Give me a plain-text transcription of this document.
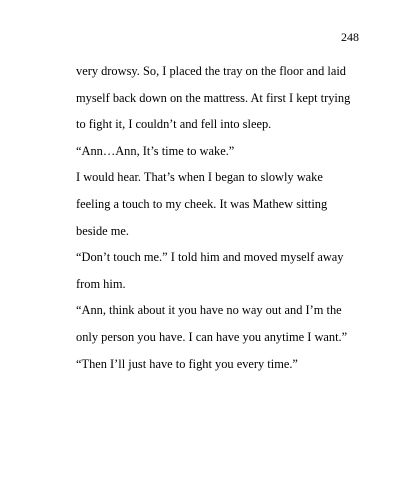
248
very drowsy. So, I placed the tray on the floor and laid
myself back down on the mattress. At first I kept trying
to fight it, I couldn’t and fell into sleep.
“Ann…Ann, It’s time to wake.”
I would hear. That’s when I began to slowly wake
feeling a touch to my cheek. It was Mathew sitting
beside me.
“Don’t touch me.” I told him and moved myself away
from him.
“Ann, think about it you have no way out and I’m the
only person you have. I can have you anytime I want.”
“Then I’ll just have to fight you every time.”
